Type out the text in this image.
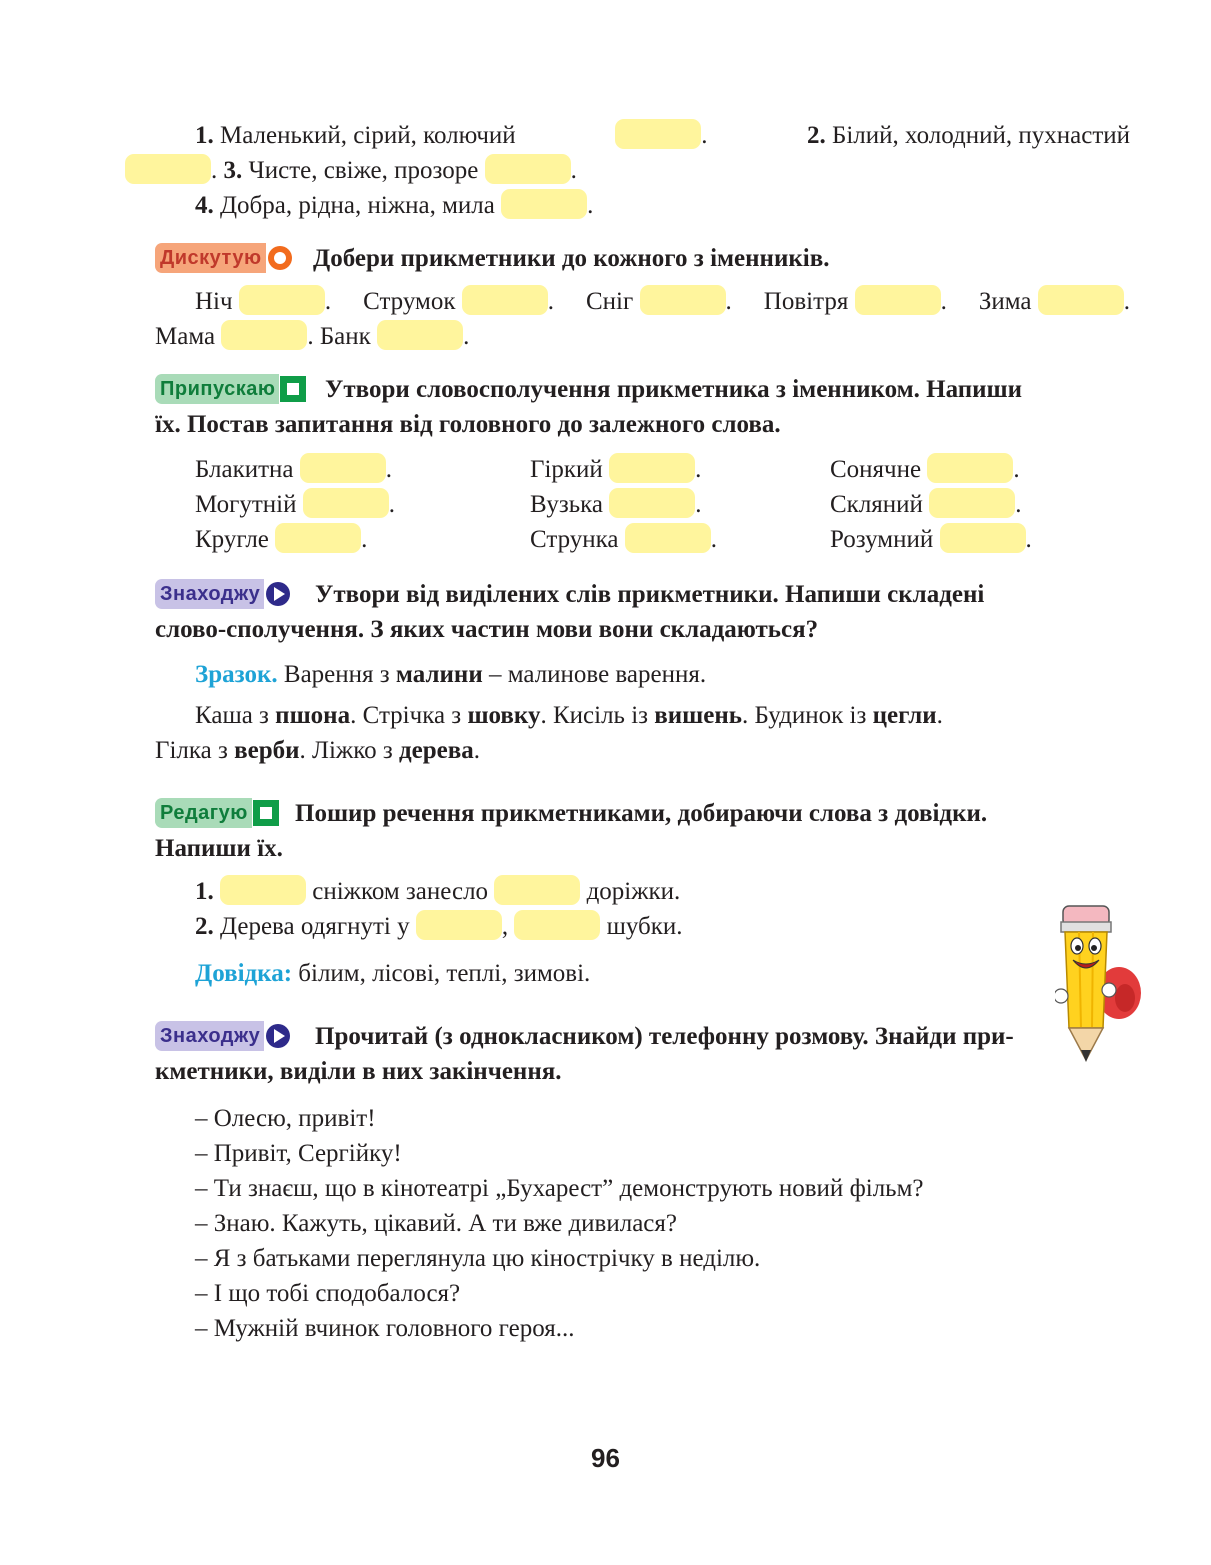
1. Маленький, сірий, колючий	.	2. Білий, холодний, пухнастий
. 3. Чисте, свіже, прозоре	.
4. Добра, рідна, ніжна, мила	.
Дискутую	Добери прикметники до кожного з іменників.
Ніч	. Струмок	. Сніг	. Повітря	. Зима	.
Мама	. Банк	.
Припускаю	Утвори словосполучення прикметника з іменником. Напиши
їх. Постав запитання від головного до залежного слова.
Блакитна	.	Гіркий	.	Сонячне	.
Могутній	.	Вузька	.	Скляний	.
Кругле	.	Струнка	.	Розумний	.
Знаходжу	Утвори від виділених слів прикметники. Напиши складені
слово-сполучення. З яких частин мови вони складаються?
Зразок. Варення з малини – малинове варення.
Каша з пшона. Стрічка з шовку. Кисіль із вишень. Будинок із цегли.
Гілка з верби. Ліжко з дерева.
Редагую	Пошир речення прикметниками, добираючи слова з довідки.
Напиши їх.
1.	сніжком занесло	доріжки.
2. Дерева одягнуті у	,	шубки.
Довідка: білим, лісові, теплі, зимові.
Знаходжу	Прочитай (з однокласником) телефонну розмову. Знайди при-
кметники, виділи в них закінчення.
– Олесю, привіт!
– Привіт, Сергійку!
– Ти знаєш, що в кінотеатрі „Бухарест” демонструють новий фільм?
– Знаю. Кажуть, цікавий. А ти вже дивилася?
– Я з батьками переглянула цю кінострічку в неділю.
– І що тобі сподобалося?
– Мужній вчинок головного героя...
96
